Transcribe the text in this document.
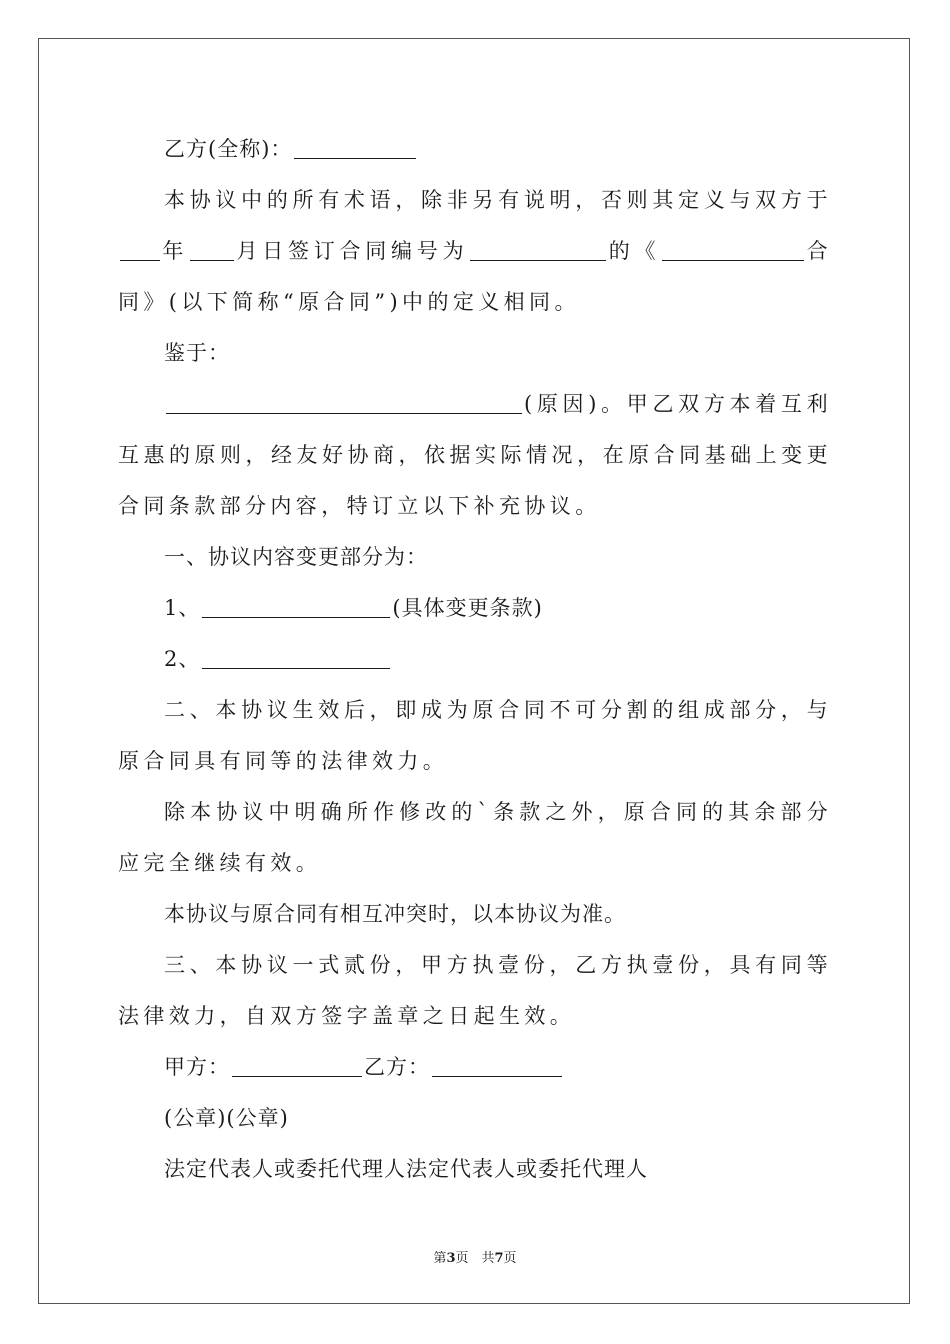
乙方(全称)：

本协议中的所有术语，除非另有说明，否则其定义与双方于年 月日签订合同编号为	的《	合同》(以下简称“原合同”)中的定义相同。

鉴于：

(原因)。甲乙双方本着互利互惠的原则，经友好协商，依据实际情况，在原合同基础上变更合同条款部分内容，特订立以下补充协议。

一、协议内容变更部分为：

1、	(具体变更条款)

2、

二、本协议生效后，即成为原合同不可分割的组成部分，与原合同具有同等的法律效力。

除本协议中明确所作修改的`条款之外，原合同的其余部分应完全继续有效。

本协议与原合同有相互冲突时，以本协议为准。

三、本协议一式贰份，甲方执壹份，乙方执壹份，具有同等法律效力，自双方签字盖章之日起生效。

甲方：	乙方：

(公章)(公章)

法定代表人或委托代理人法定代表人或委托代理人

第3页　共7页
